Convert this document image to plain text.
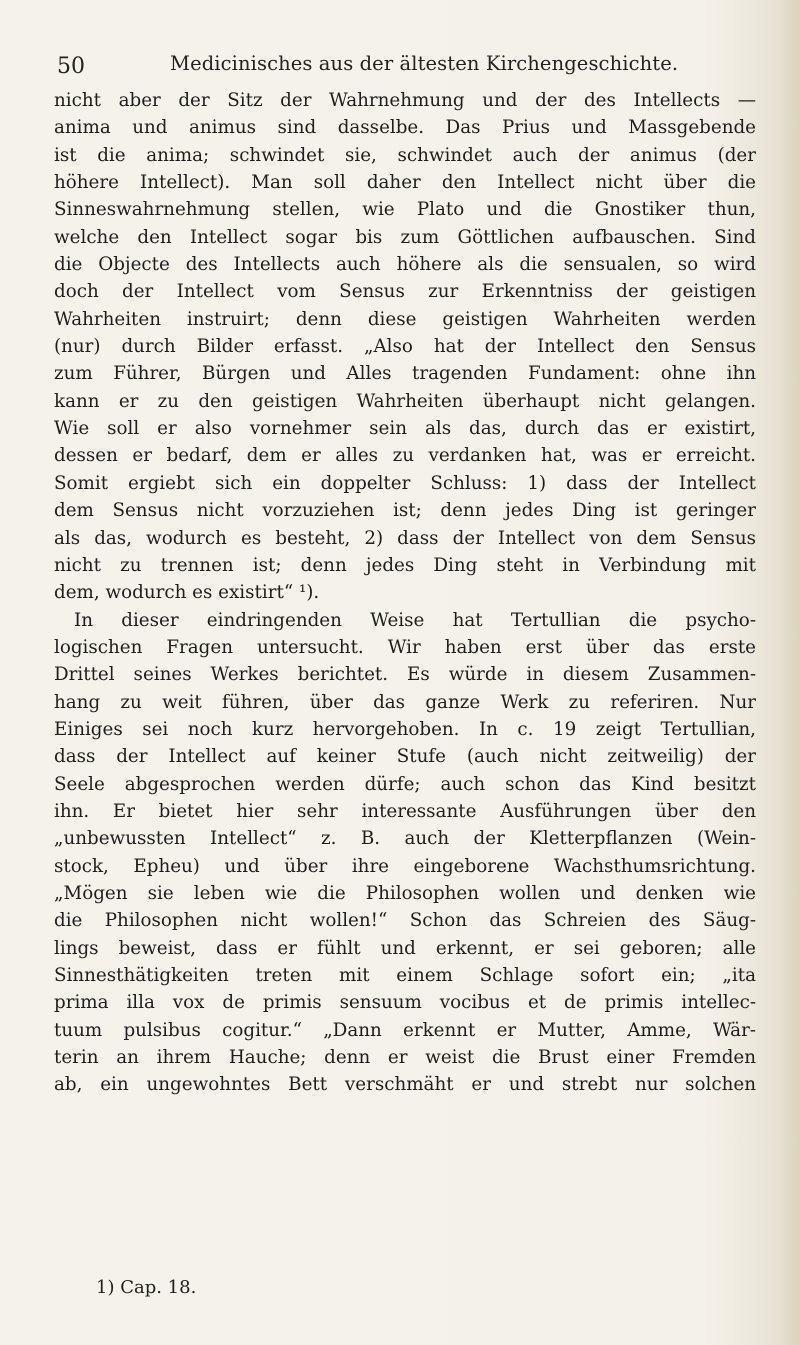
50	Medicinisches aus der ältesten Kirchengeschichte.
nicht aber der Sitz der Wahrnehmung und der des Intellects —
anima und animus sind dasselbe. Das Prius und Massgebende
ist die anima; schwindet sie, schwindet auch der animus (der
höhere Intellect). Man soll daher den Intellect nicht über die
Sinneswahrnehmung stellen, wie Plato und die Gnostiker thun,
welche den Intellect sogar bis zum Göttlichen aufbauschen. Sind
die Objecte des Intellects auch höhere als die sensualen, so wird
doch der Intellect vom Sensus zur Erkenntniss der geistigen
Wahrheiten instruirt; denn diese geistigen Wahrheiten werden
(nur) durch Bilder erfasst. „Also hat der Intellect den Sensus
zum Führer, Bürgen und Alles tragenden Fundament: ohne ihn
kann er zu den geistigen Wahrheiten überhaupt nicht gelangen.
Wie soll er also vornehmer sein als das, durch das er existirt,
dessen er bedarf, dem er alles zu verdanken hat, was er erreicht.
Somit ergiebt sich ein doppelter Schluss: 1) dass der Intellect
dem Sensus nicht vorzuziehen ist; denn jedes Ding ist geringer
als das, wodurch es besteht, 2) dass der Intellect von dem Sensus
nicht zu trennen ist; denn jedes Ding steht in Verbindung mit
dem, wodurch es existirt“ ¹).
In dieser eindringenden Weise hat Tertullian die psycho-
logischen Fragen untersucht. Wir haben erst über das erste
Drittel seines Werkes berichtet. Es würde in diesem Zusammen-
hang zu weit führen, über das ganze Werk zu referiren. Nur
Einiges sei noch kurz hervorgehoben. In c. 19 zeigt Tertullian,
dass der Intellect auf keiner Stufe (auch nicht zeitweilig) der
Seele abgesprochen werden dürfe; auch schon das Kind besitzt
ihn. Er bietet hier sehr interessante Ausführungen über den
„unbewussten Intellect“ z. B. auch der Kletterpflanzen (Wein-
stock, Epheu) und über ihre eingeborene Wachsthumsrichtung.
„Mögen sie leben wie die Philosophen wollen und denken wie
die Philosophen nicht wollen!“ Schon das Schreien des Säug-
lings beweist, dass er fühlt und erkennt, er sei geboren; alle
Sinnesthätigkeiten treten mit einem Schlage sofort ein; „ita
prima illa vox de primis sensuum vocibus et de primis intellec-
tuum pulsibus cogitur.“ „Dann erkennt er Mutter, Amme, Wär-
terin an ihrem Hauche; denn er weist die Brust einer Fremden
ab, ein ungewohntes Bett verschmäht er und strebt nur solchen
1) Cap. 18.
